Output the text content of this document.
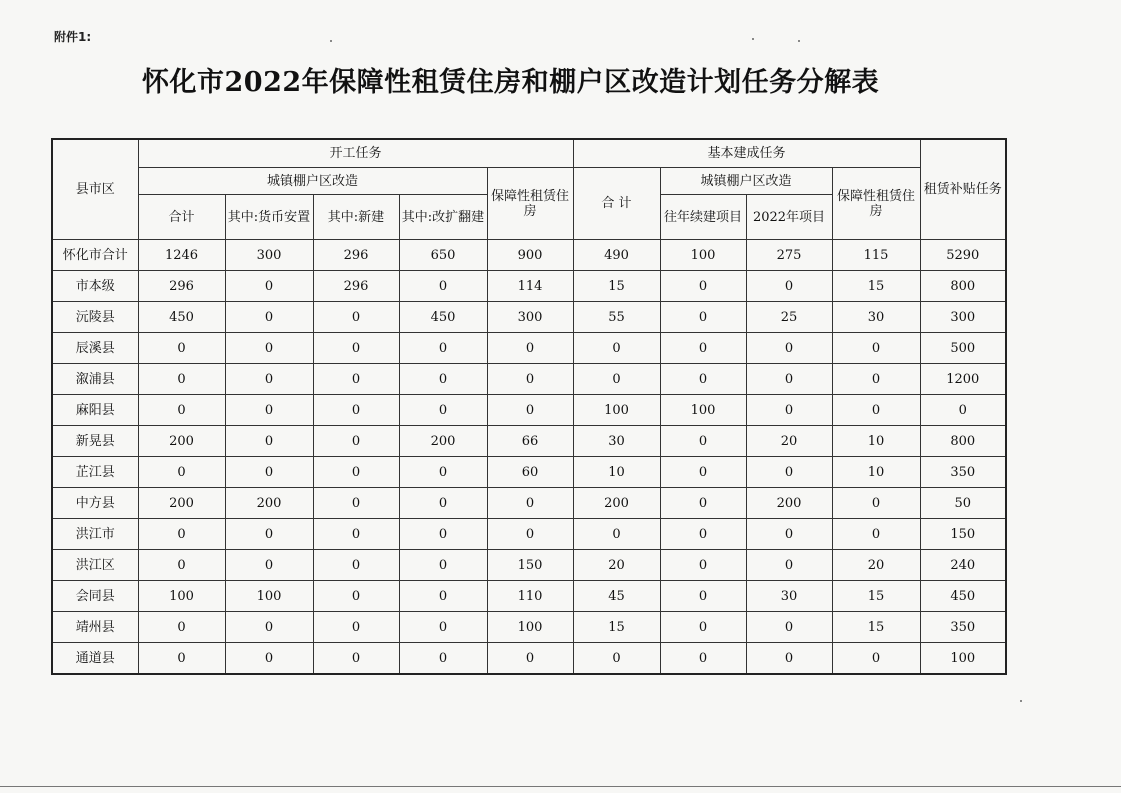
附件1:
怀化市2022年保障性租赁住房和棚户区改造计划任务分解表
县市区	开工任务					基本建成任务				租赁补贴任务
	城镇棚户区改造				保障性租赁住房	合 计	城镇棚户区改造		保障性租赁住房	
	合计	其中:货币安置	其中:新建	其中:改扩翻建			往年续建项目	2022年项目		
怀化市合计	1246	300	296	650	900	490	100	275	115	5290
市本级	296	0	296	0	114	15	0	0	15	800
沅陵县	450	0	0	450	300	55	0	25	30	300
辰溪县	0	0	0	0	0	0	0	0	0	500
溆浦县	0	0	0	0	0	0	0	0	0	1200
麻阳县	0	0	0	0	0	100	100	0	0	0
新晃县	200	0	0	200	66	30	0	20	10	800
芷江县	0	0	0	0	60	10	0	0	10	350
中方县	200	200	0	0	0	200	0	200	0	50
洪江市	0	0	0	0	0	0	0	0	0	150
洪江区	0	0	0	0	150	20	0	0	20	240
会同县	100	100	0	0	110	45	0	30	15	450
靖州县	0	0	0	0	100	15	0	0	15	350
通道县	0	0	0	0	0	0	0	0	0	100
